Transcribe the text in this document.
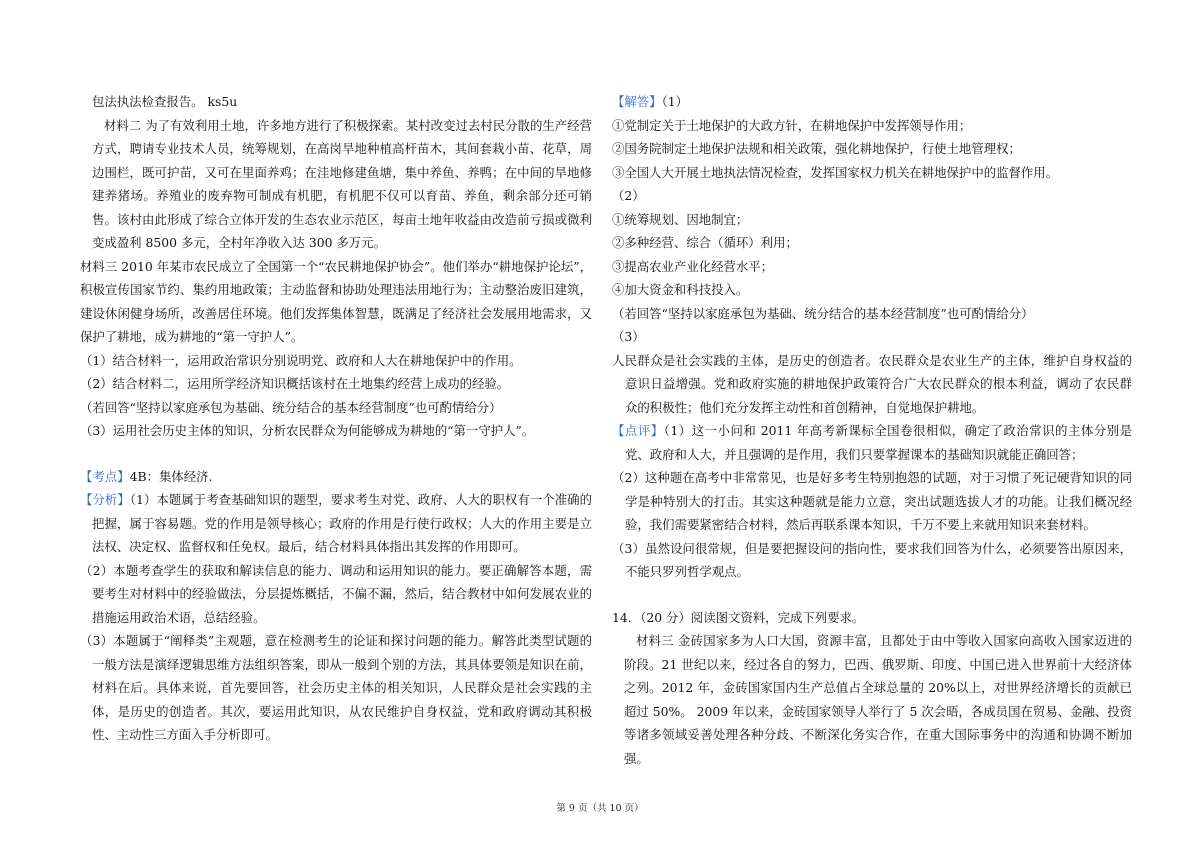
包法执法检查报告。 ks5u

材料二 为了有效利用土地，许多地方进行了积极探索。某村改变过去村民分散的生产经营方式，聘请专业技术人员，统筹规划，在高岗旱地种植高杆苗木，其间套栽小苗、花草，周边围栏，既可护苗，又可在里面养鸡；在洼地修建鱼塘，集中养鱼、养鸭；在中间的旱地修建养猪场。养殖业的废弃物可制成有机肥，有机肥不仅可以育苗、养鱼，剩余部分还可销售。该村由此形成了综合立体开发的生态农业示范区，每亩土地年收益由改造前亏损或微利变成盈利 8500 多元，全村年净收入达 300 多万元。

材料三 2010 年某市农民成立了全国第一个“农民耕地保护协会”。他们举办“耕地保护论坛”，积极宣传国家节约、集约用地政策；主动监督和协助处理违法用地行为；主动整治废旧建筑，建设休闲健身场所，改善居住环境。他们发挥集体智慧，既满足了经济社会发展用地需求，又保护了耕地，成为耕地的“第一守护人”。

（1）结合材料一，运用政治常识分别说明党、政府和人大在耕地保护中的作用。

（2）结合材料二，运用所学经济知识概括该村在土地集约经营上成功的经验。

（若回答“坚持以家庭承包为基础、统分结合的基本经营制度”也可酌情给分）

（3）运用社会历史主体的知识，分析农民群众为何能够成为耕地的“第一守护人”。

【考点】4B：集体经济.

【分析】（1）本题属于考查基础知识的题型，要求考生对党、政府、人大的职权有一个准确的把握，属于容易题。党的作用是领导核心；政府的作用是行使行政权；人大的作用主要是立法权、决定权、监督权和任免权。最后，结合材料具体指出其发挥的作用即可。

（2）本题考查学生的获取和解读信息的能力、调动和运用知识的能力。要正确解答本题，需要考生对材料中的经验做法，分层提炼概括，不偏不漏，然后，结合教材中如何发展农业的措施运用政治术语，总结经验。

（3）本题属于“阐释类”主观题，意在检测考生的论证和探讨问题的能力。解答此类型试题的一般方法是演绎逻辑思维方法组织答案，即从一般到个别的方法，其具体要领是知识在前，材料在后。具体来说，首先要回答，社会历史主体的相关知识，人民群众是社会实践的主体，是历史的创造者。其次，要运用此知识，从农民维护自身权益，党和政府调动其积极性、主动性三方面入手分析即可。

【解答】（1）

①党制定关于土地保护的大政方针，在耕地保护中发挥领导作用；

②国务院制定土地保护法规和相关政策，强化耕地保护，行使土地管理权；

③全国人大开展土地执法情况检查，发挥国家权力机关在耕地保护中的监督作用。

（2）

①统筹规划、因地制宜；

②多种经营、综合（循环）利用；

③提高农业产业化经营水平；

④加大资金和科技投入。

（若回答“坚持以家庭承包为基础、统分结合的基本经营制度”也可酌情给分）

（3）

人民群众是社会实践的主体，是历史的创造者。农民群众是农业生产的主体，维护自身权益的意识日益增强。党和政府实施的耕地保护政策符合广大农民群众的根本利益，调动了农民群众的积极性；他们充分发挥主动性和首创精神，自觉地保护耕地。

【点评】（1）这一小问和 2011 年高考新课标全国卷很相似，确定了政治常识的主体分别是党、政府和人大，并且强调的是作用，我们只要掌握课本的基础知识就能正确回答；

（2）这种题在高考中非常常见，也是好多考生特别抱怨的试题，对于习惯了死记硬背知识的同学是种特别大的打击。其实这种题就是能力立意，突出试题选拔人才的功能。让我们概况经验，我们需要紧密结合材料，然后再联系课本知识，千万不要上来就用知识来套材料。

（3）虽然设问很常规，但是要把握设问的指向性，要求我们回答为什么，必须要答出原因来，不能只罗列哲学观点。

14．（20 分）阅读图文资料，完成下列要求。

材料三 金砖国家多为人口大国，资源丰富，且都处于由中等收入国家向高收入国家迈进的阶段。21 世纪以来，经过各自的努力，巴西、俄罗斯、印度、中国已进入世界前十大经济体之列。2012 年，金砖国家国内生产总值占全球总量的 20%以上，对世界经济增长的贡献已超过 50%。 2009 年以来，金砖国家领导人举行了 5 次会晤，各成员国在贸易、金融、投资等诸多领域妥善处理各种分歧、不断深化务实合作，在重大国际事务中的沟通和协调不断加强。

第 9 页（共 10 页）
